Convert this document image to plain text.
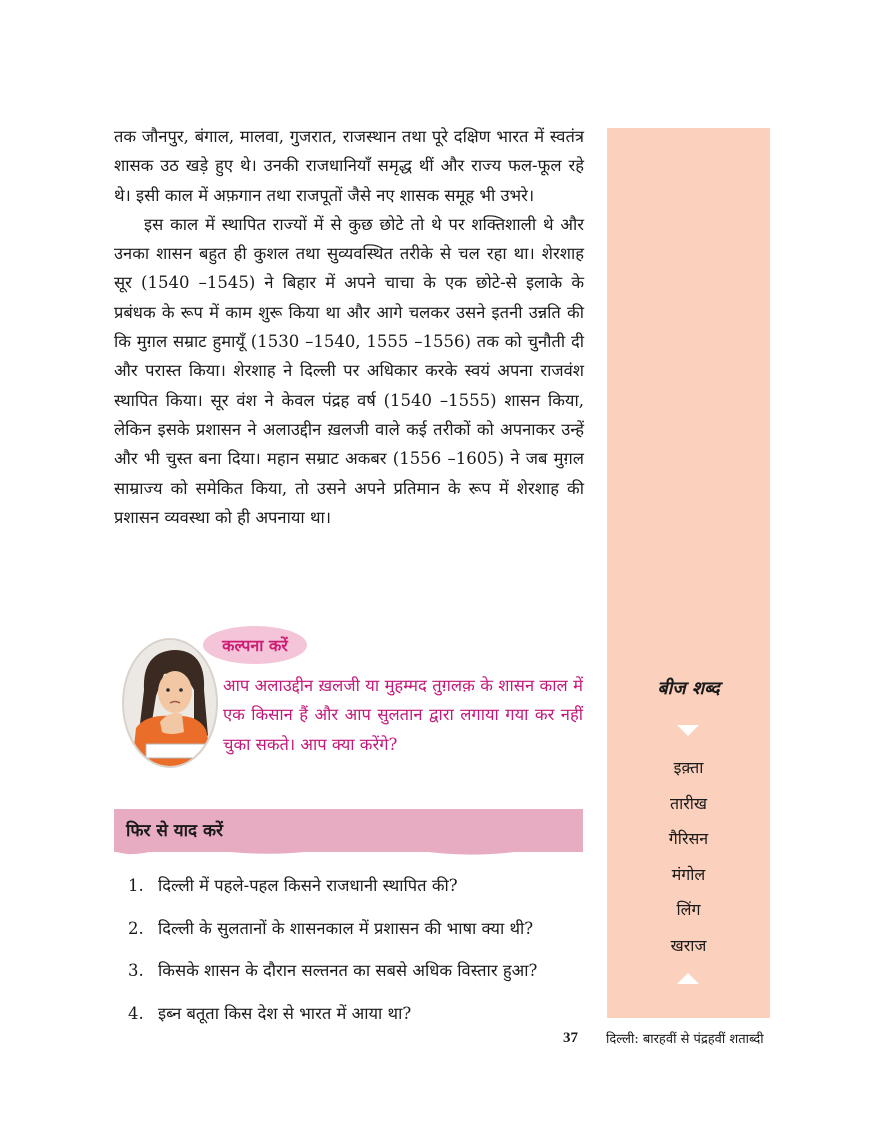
तक जौनपुर, बंगाल, मालवा, गुजरात, राजस्थान तथा पूरे दक्षिण भारत में स्वतंत्र शासक उठ खड़े हुए थे। उनकी राजधानियाँ समृद्ध थीं और राज्य फल-फूल रहे थे। इसी काल में अफ़गान तथा राजपूतों जैसे नए शासक समूह भी उभरे।

इस काल में स्थापित राज्यों में से कुछ छोटे तो थे पर शक्तिशाली थे और उनका शासन बहुत ही कुशल तथा सुव्यवस्थित तरीके से चल रहा था। शेरशाह सूर (1540 –1545) ने बिहार में अपने चाचा के एक छोटे-से इलाके के प्रबंधक के रूप में काम शुरू किया था और आगे चलकर उसने इतनी उन्नति की कि मुग़ल सम्राट हुमायूँ (1530 –1540, 1555 –1556) तक को चुनौती दी और परास्त किया। शेरशाह ने दिल्ली पर अधिकार करके स्वयं अपना राजवंश स्थापित किया। सूर वंश ने केवल पंद्रह वर्ष (1540 –1555) शासन किया, लेकिन इसके प्रशासन ने अलाउद्दीन ख़लजी वाले कई तरीकों को अपनाकर उन्हें और भी चुस्त बना दिया। महान सम्राट अकबर (1556 –1605) ने जब मुग़ल साम्राज्य को समेकित किया, तो उसने अपने प्रतिमान के रूप में शेरशाह की प्रशासन व्यवस्था को ही अपनाया था।

बीज शब्द
इक़्ता
तारीख
गैरिसन
मंगोल
लिंग
खराज
कल्पना करें

आप अलाउद्दीन ख़लजी या मुहम्मद तुग़लक़ के शासन काल में एक किसान हैं और आप सुलतान द्वारा लगाया गया कर नहीं चुका सकते। आप क्या करेंगे?

फिर से याद करें
1. दिल्ली में पहले-पहल किसने राजधानी स्थापित की?
2. दिल्ली के सुलतानों के शासनकाल में प्रशासन की भाषा क्या थी?
3. किसके शासन के दौरान सल्तनत का सबसे अधिक विस्तार हुआ?
4. इब्न बतूता किस देश से भारत में आया था?
37 दिल्ली: बारहवीं से पंद्रहवीं शताब्दी
